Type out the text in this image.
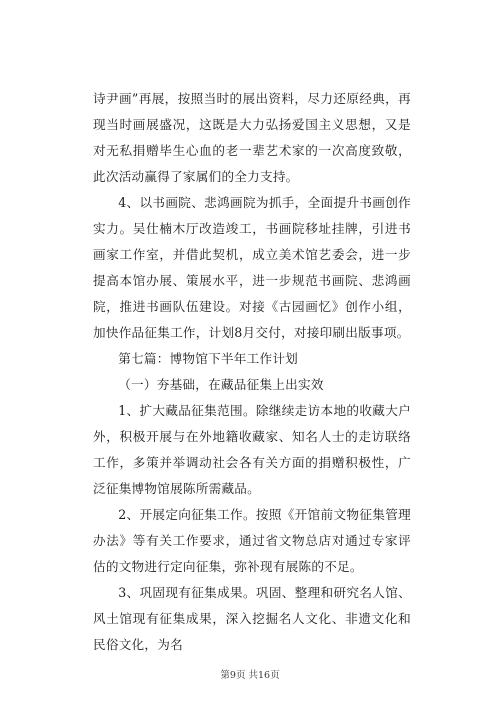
诗尹画”再展，按照当时的展出资料，尽力还原经典，再现当时画展盛况，这既是大力弘扬爱国主义思想，又是对无私捐赠毕生心血的老一辈艺术家的一次高度致敬，此次活动赢得了家属们的全力支持。

4、以书画院、悲鸿画院为抓手，全面提升书画创作实力。吴仕楠木厅改造竣工，书画院移址挂牌，引进书画家工作室，并借此契机，成立美术馆艺委会，进一步提高本馆办展、策展水平，进一步规范书画院、悲鸿画院，推进书画队伍建设。对接《古园画忆》创作小组，加快作品征集工作，计划8月交付，对接印刷出版事项。

第七篇：博物馆下半年工作计划

（一）夯基础，在藏品征集上出实效

1、扩大藏品征集范围。除继续走访本地的收藏大户外，积极开展与在外地籍收藏家、知名人士的走访联络工作，多策并举调动社会各有关方面的捐赠积极性，广泛征集博物馆展陈所需藏品。

2、开展定向征集工作。按照《开馆前文物征集管理办法》等有关工作要求，通过省文物总店对通过专家评估的文物进行定向征集，弥补现有展陈的不足。

3、巩固现有征集成果。巩固、整理和研究名人馆、风土馆现有征集成果，深入挖掘名人文化、非遗文化和民俗文化，为名

第9页 共16页
